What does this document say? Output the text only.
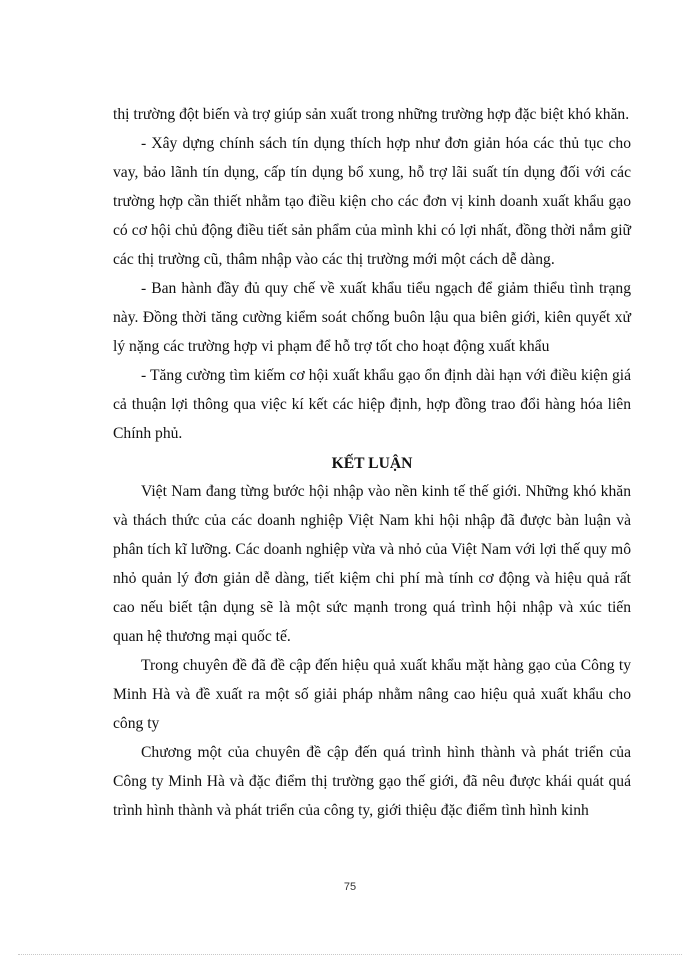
thị trường đột biến và trợ giúp sản xuất trong những trường hợp đặc biệt khó khăn.

- Xây dựng chính sách tín dụng thích hợp như đơn giản hóa các thủ tục cho vay, bảo lãnh tín dụng, cấp tín dụng bổ xung, hỗ trợ lãi suất tín dụng đối với các trường hợp cần thiết nhằm tạo điều kiện cho các đơn vị kinh doanh xuất khẩu gạo có cơ hội chủ động điều tiết sản phẩm của mình khi có lợi nhất, đồng thời nắm giữ các thị trường cũ, thâm nhập vào các thị trường mới một cách dễ dàng.

- Ban hành đầy đủ quy chế về xuất khẩu tiểu ngạch để giảm thiểu tình trạng này. Đồng thời tăng cường kiểm soát chống buôn lậu qua biên giới, kiên quyết xử lý nặng các trường hợp vi phạm để hỗ trợ tốt cho hoạt động xuất khẩu

- Tăng cường tìm kiếm cơ hội xuất khẩu gạo ổn định dài hạn với điều kiện giá cả thuận lợi thông qua việc kí kết các hiệp định, hợp đồng trao đổi hàng hóa liên Chính phủ.

KẾT LUẬN

Việt Nam đang từng bước hội nhập vào nền kinh tế thế giới. Những khó khăn và thách thức của các doanh nghiệp Việt Nam khi hội nhập đã được bàn luận và phân tích kĩ lưỡng. Các doanh nghiệp vừa và nhỏ của Việt Nam với lợi thế quy mô nhỏ quản lý đơn giản dễ dàng, tiết kiệm chi phí mà tính cơ động và hiệu quả rất cao nếu biết tận dụng sẽ là một sức mạnh trong quá trình hội nhập và xúc tiến quan hệ thương mại quốc tế.

Trong chuyên đề đã đề cập đến hiệu quả xuất khẩu mặt hàng gạo của Công ty Minh Hà và đề xuất ra một số giải pháp nhằm nâng cao hiệu quả xuất khẩu cho công ty

Chương một của chuyên đề cập đến quá trình hình thành và phát triển của Công ty Minh Hà và đặc điểm thị trường gạo thế giới, đã nêu được khái quát quá trình hình thành và phát triển của công ty, giới thiệu đặc điểm tình hình kinh

75
